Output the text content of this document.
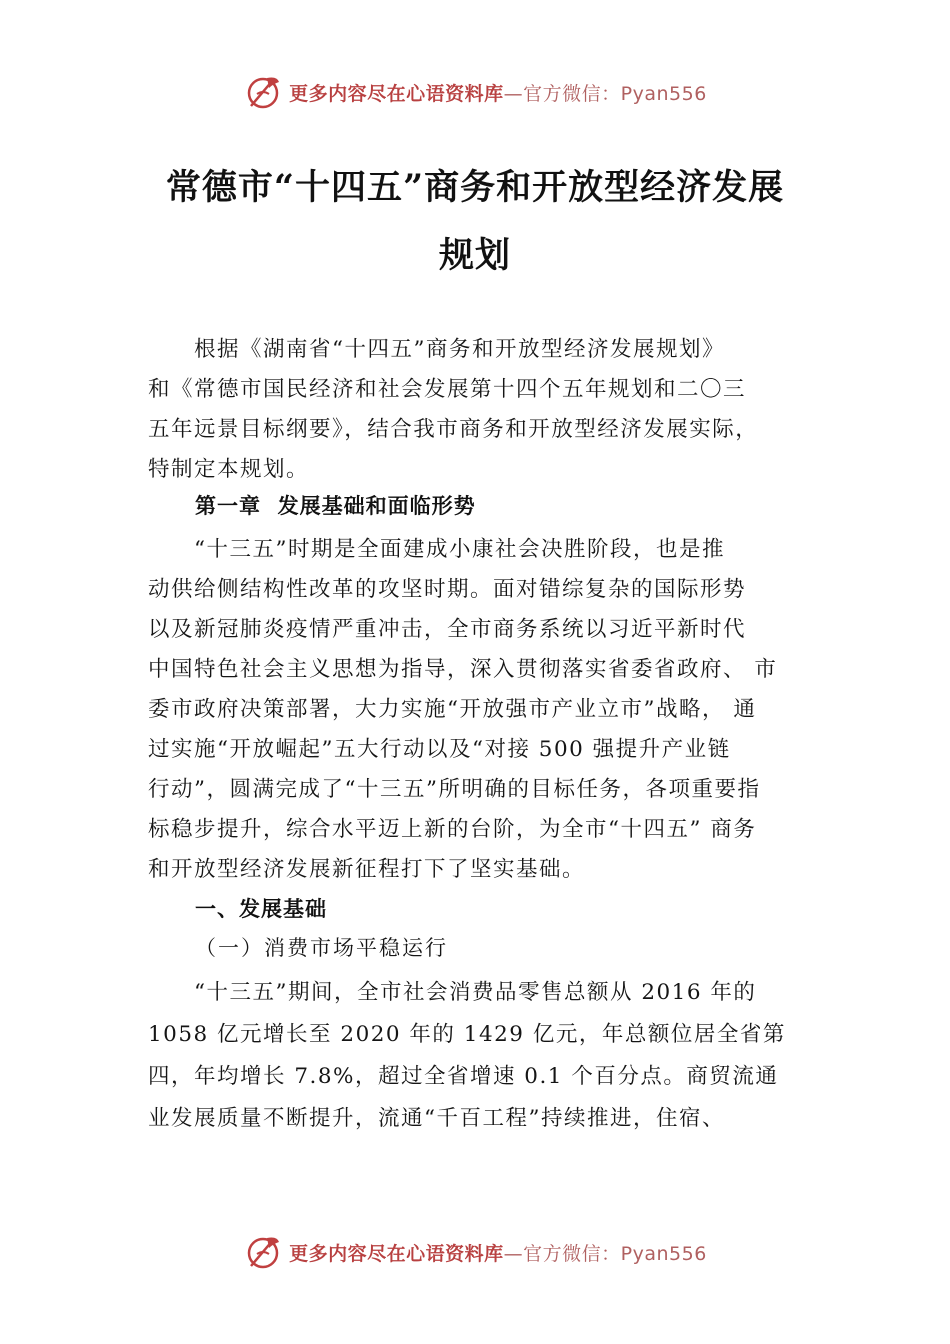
更多内容尽在心语资料库—官方微信：Pyan556
常德市“十四五”商务和开放型经济发展
规划
根据《湖南省“十四五”商务和开放型经济发展规划》
和《常德市国民经济和社会发展第十四个五年规划和二〇三
五年远景目标纲要》，结合我市商务和开放型经济发展实际，
特制定本规划。
第一章  发展基础和面临形势
“十三五”时期是全面建成小康社会决胜阶段，也是推
动供给侧结构性改革的攻坚时期。面对错综复杂的国际形势
以及新冠肺炎疫情严重冲击，全市商务系统以习近平新时代
中国特色社会主义思想为指导，深入贯彻落实省委省政府、 市
委市政府决策部署，大力实施“开放强市产业立市”战略， 通
过实施“开放崛起”五大行动以及“对接 500 强提升产业链
行动”，圆满完成了“十三五”所明确的目标任务，各项重要指
标稳步提升，综合水平迈上新的台阶，为全市“十四五” 商务
和开放型经济发展新征程打下了坚实基础。
一、发展基础
（一）消费市场平稳运行
“十三五”期间，全市社会消费品零售总额从 2016 年的
1058 亿元增长至 2020 年的 1429 亿元，年总额位居全省第
四，年均增长 7.8%，超过全省增速 0.1 个百分点。商贸流通
业发展质量不断提升，流通“千百工程”持续推进，住宿、
更多内容尽在心语资料库—官方微信：Pyan556
